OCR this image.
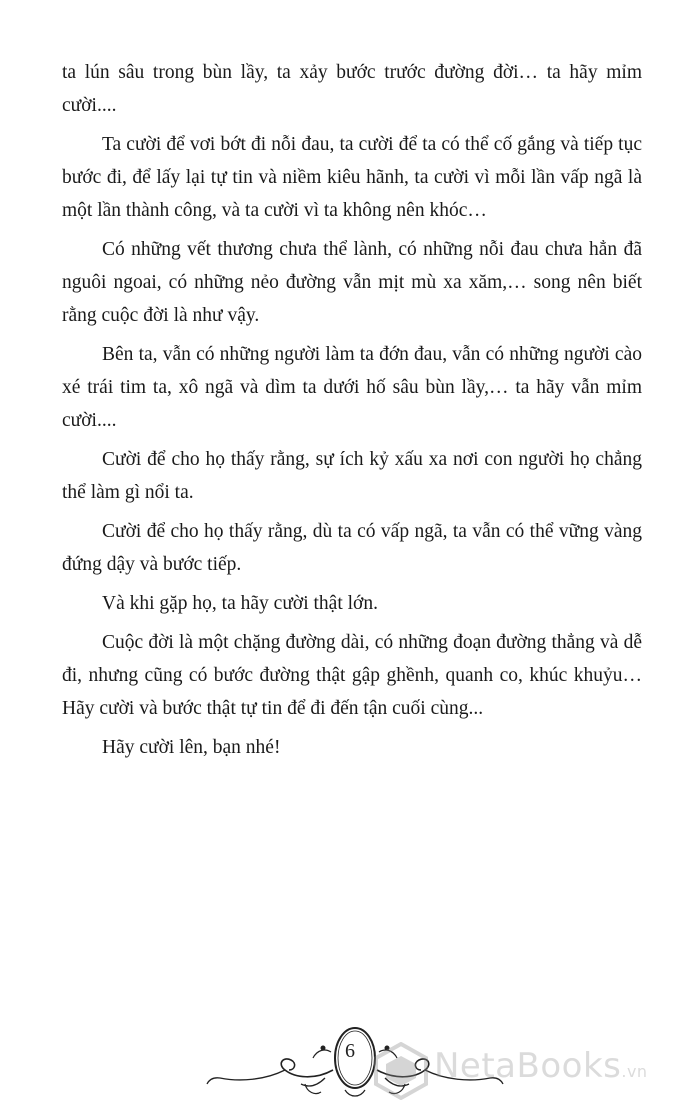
ta lún sâu trong bùn lầy, ta xảy bước trước đường đời… ta hãy mỉm cười....

Ta cười để vơi bớt đi nỗi đau, ta cười để ta có thể cố gắng và tiếp tục bước đi, để lấy lại tự tin và niềm kiêu hãnh, ta cười vì mỗi lần vấp ngã là một lần thành công, và ta cười vì ta không nên khóc…

Có những vết thương chưa thể lành, có những nỗi đau chưa hẳn đã nguôi ngoai, có những nẻo đường vẫn mịt mù xa xăm,… song nên biết rằng cuộc đời là như vậy.

Bên ta, vẫn có những người làm ta đớn đau, vẫn có những người cào xé trái tim ta, xô ngã và dìm ta dưới hố sâu bùn lầy,… ta hãy vẫn mỉm cười....

Cười để cho họ thấy rằng, sự ích kỷ xấu xa nơi con người họ chẳng thể làm gì nổi ta.

Cười để cho họ thấy rằng, dù ta có vấp ngã, ta vẫn có thể vững vàng đứng dậy và bước tiếp.

Và khi gặp họ, ta hãy cười thật lớn.

Cuộc đời là một chặng đường dài, có những đoạn đường thẳng và dễ đi, nhưng cũng có bước đường thật gập ghềnh, quanh co, khúc khuỷu… Hãy cười và bước thật tự tin để đi đến tận cuối cùng...

Hãy cười lên, bạn nhé!

6	NetaBooks.vn
